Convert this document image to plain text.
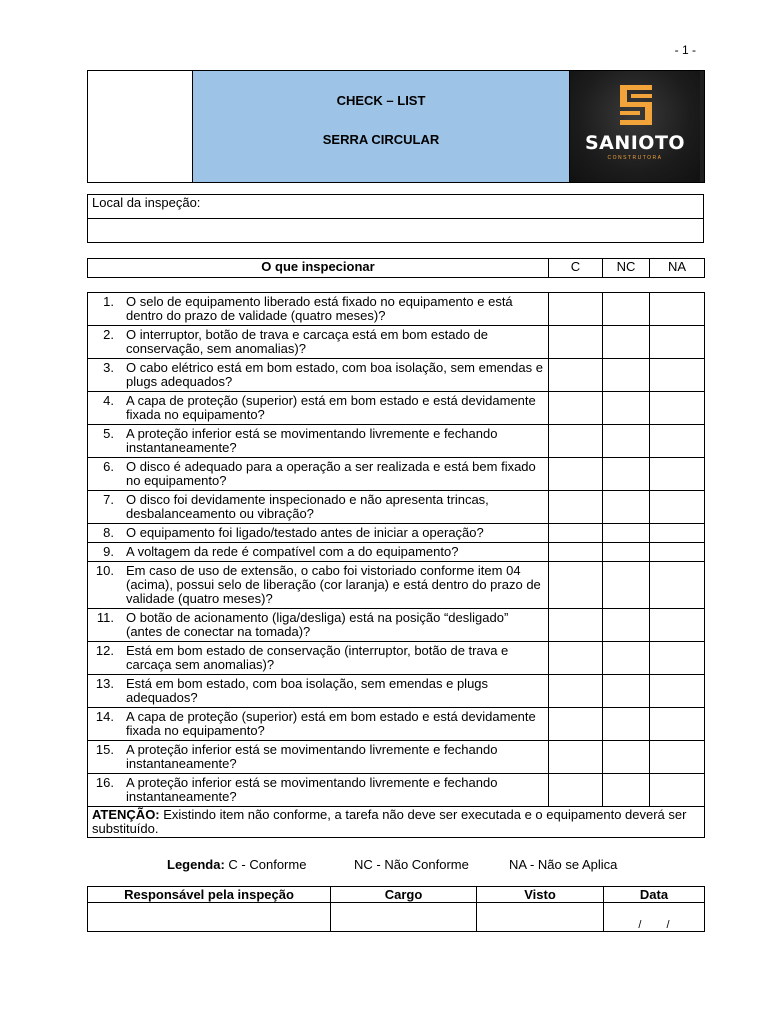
- 1 -

CHECK – LIST
SERRA CIRCULAR	SANIOTO
CONSTRUTORA
Local da inspeção:

O que inspecionar	C	NC	NA
1. O selo de equipamento liberado está fixado no equipamento e está dentro do prazo de validade (quatro meses)?			

2. O interruptor, botão de trava e carcaça está em bom estado de conservação, sem anomalias)?			

3. O cabo elétrico está em bom estado, com boa isolação, sem emendas e plugs adequados?			

4. A capa de proteção (superior) está em bom estado e está devidamente fixada no equipamento?			

5. A proteção inferior está se movimentando livremente e fechando instantaneamente?			

6. O disco é adequado para a operação a ser realizada e está bem fixado no equipamento?			

7. O disco foi devidamente inspecionado e não apresenta trincas, desbalanceamento ou vibração?			

8. O equipamento foi ligado/testado antes de iniciar a operação?			

9. A voltagem da rede é compatível com a do equipamento?			

10. Em caso de uso de extensão, o cabo foi vistoriado conforme item 04 (acima), possui selo de liberação (cor laranja) e está dentro do prazo de validade (quatro meses)?			

11. O botão de acionamento (liga/desliga) está na posição “desligado” (antes de conectar na tomada)?			

12. Está em bom estado de conservação (interruptor, botão de trava e carcaça sem anomalias)?			

13. Está em bom estado, com boa isolação, sem emendas e plugs adequados?			

14. A capa de proteção (superior) está em bom estado e está devidamente fixada no equipamento?			

15. A proteção inferior está se movimentando livremente e fechando instantaneamente?			

16. A proteção inferior está se movimentando livremente e fechando instantaneamente?			

ATENÇÃO: Existindo item não conforme, a tarefa não deve ser executada e o equipamento deverá ser substituído.			
Legenda: C - Conforme	NC - Não Conforme	NA - Não se Aplica
Responsável pela inspeção	Cargo	Visto	Data
			/ /
